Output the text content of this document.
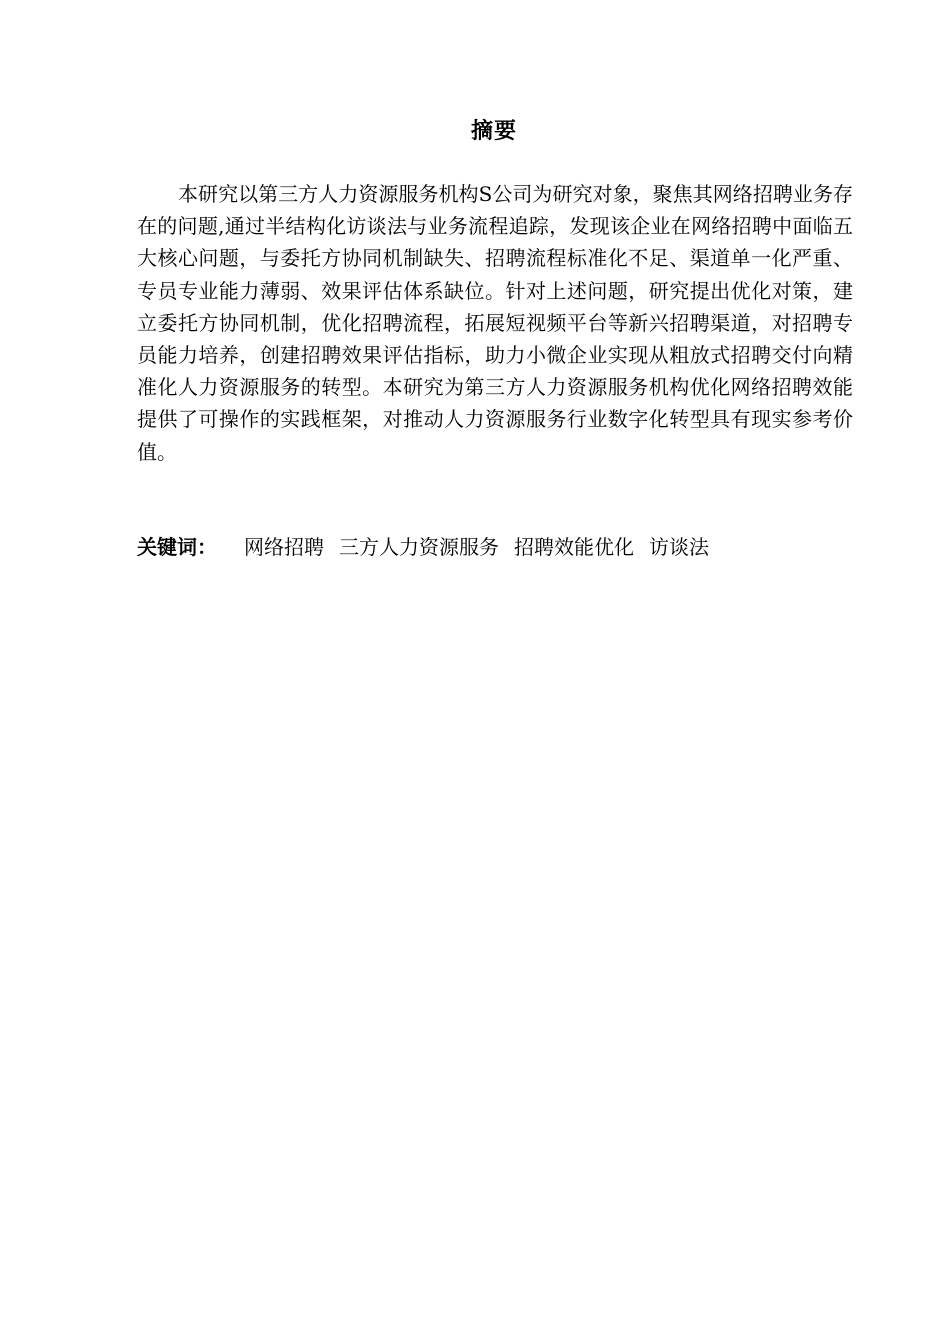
摘要

本研究以第三方人力资源服务机构S公司为研究对象，聚焦其网络招聘业务存在的问题,通过半结构化访谈法与业务流程追踪，发现该企业在网络招聘中面临五大核心问题，与委托方协同机制缺失、招聘流程标准化不足、渠道单一化严重、专员专业能力薄弱、效果评估体系缺位。针对上述问题，研究提出优化对策，建立委托方协同机制，优化招聘流程，拓展短视频平台等新兴招聘渠道，对招聘专员能力培养，创建招聘效果评估指标，助力小微企业实现从粗放式招聘交付向精准化人力资源服务的转型。本研究为第三方人力资源服务机构优化网络招聘效能提供了可操作的实践框架，对推动人力资源服务行业数字化转型具有现实参考价值。

关键词： 网络招聘 三方人力资源服务 招聘效能优化 访谈法
